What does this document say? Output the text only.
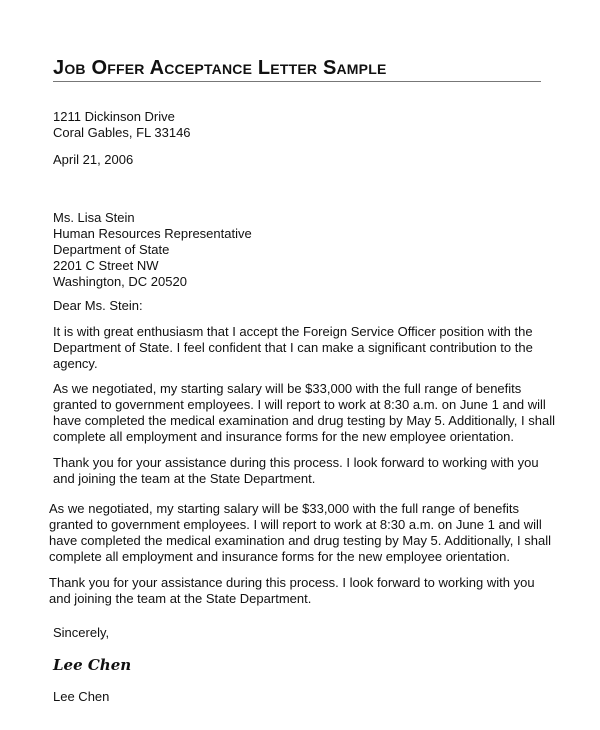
Job Offer Acceptance Letter Sample
1211 Dickinson Drive
Coral Gables, FL 33146
April 21, 2006
Ms. Lisa Stein
Human Resources Representative
Department of State
2201 C Street NW
Washington, DC 20520
Dear Ms. Stein:
It is with great enthusiasm that I accept the Foreign Service Officer position with the
Department of State. I feel confident that I can make a significant contribution to the
agency.
As we negotiated, my starting salary will be $33,000 with the full range of benefits
granted to government employees. I will report to work at 8:30 a.m. on June 1 and will
have completed the medical examination and drug testing by May 5. Additionally, I shall
complete all employment and insurance forms for the new employee orientation.
Thank you for your assistance during this process. I look forward to working with you
and joining the team at the State Department.
As we negotiated, my starting salary will be $33,000 with the full range of benefits
granted to government employees. I will report to work at 8:30 a.m. on June 1 and will
have completed the medical examination and drug testing by May 5. Additionally, I shall
complete all employment and insurance forms for the new employee orientation.
Thank you for your assistance during this process. I look forward to working with you
and joining the team at the State Department.
Sincerely,
Lee Chen
Lee Chen
